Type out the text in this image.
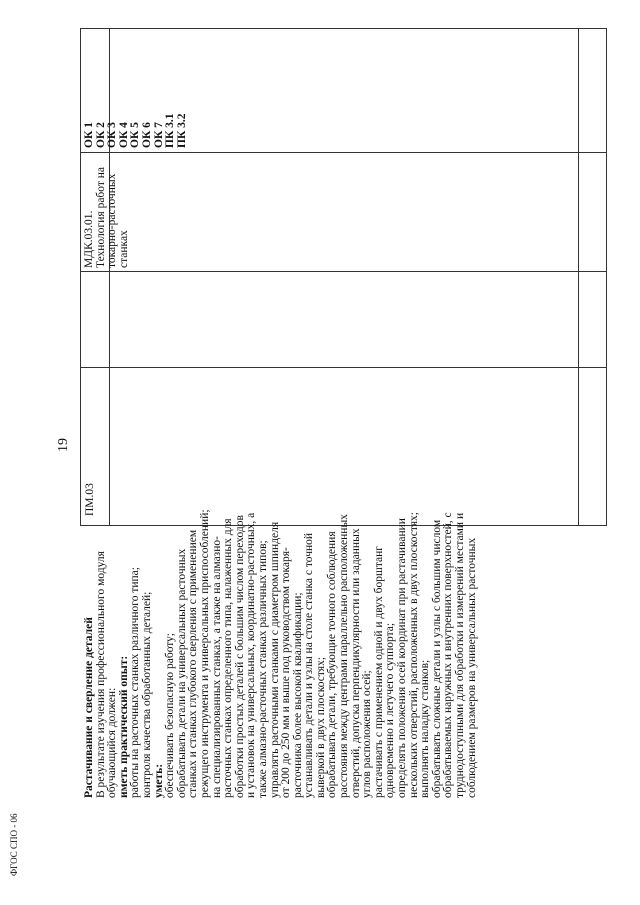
19
ФГОС СПО - 06
ПМ.03
Растачивание и сверление деталей В результате изучения профессионального модуля обучающийся должен: иметь практический опыт: работы на расточных станках различного типа; контроля качества обработанных деталей; уметь: обеспечивать безопасную работу; обрабатывать детали на универсальных расточных станках и станках глубокого сверления с применением режущего инструмента и универсальных приспособлений; на специализированных станках, а также на алмазно- расточных станках определенного типа, налаженных для обработки простых деталей с большим числом переходов и установок на универсальных, координатно-расточных, а также алмазно-расточных станках различных типов; управлять расточными станками с диаметром шпинделя от 200 до 250 мм и выше под руководством токаря- расточника более высокой квалификации; устанавливать детали и узлы на столе станка с точной выверкой в двух плоскостях; обрабатывать детали, требующие точного соблюдения расстояния между центрами параллельно расположенных отверстий, допуска перпендикулярности или заданных углов расположения осей; растачивать с применением одной и двух борштанг одновременно и летучего суппорта; определять положения осей координат при растачивании нескольких отверстий, расположенных в двух плоскостях; выполнять наладку станков; обрабатывать сложные детали и узлы с большим числом обрабатываемых наружных и внутренних поверхностей, с труднодоступными для обработки и измерений местами и соблюдением размеров на универсальных расточных
МДК.03.01. Технология работ на токарно-расточных станках
ОК 1 ОК 2 ОК 3 ОК 4 ОК 5 ОК 6 ОК 7 ПК 3.1 ПК 3.2
